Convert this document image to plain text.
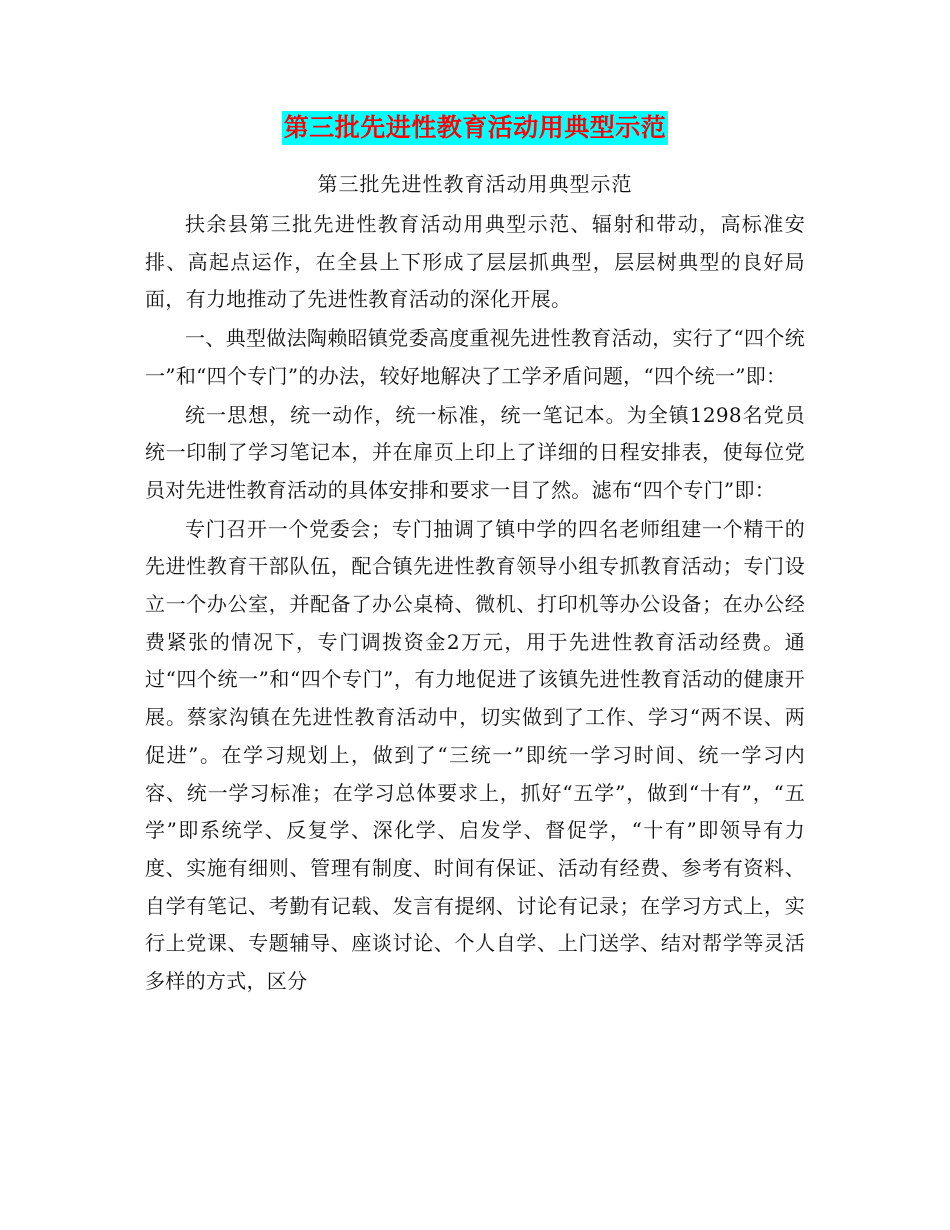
第三批先进性教育活动用典型示范
第三批先进性教育活动用典型示范

扶余县第三批先进性教育活动用典型示范、辐射和带动，高标准安排、高起点运作，在全县上下形成了层层抓典型，层层树典型的良好局面，有力地推动了先进性教育活动的深化开展。

一、典型做法陶赖昭镇党委高度重视先进性教育活动，实行了“四个统一”和“四个专门”的办法，较好地解决了工学矛盾问题，“四个统一”即：

统一思想，统一动作，统一标准，统一笔记本。为全镇1298名党员统一印制了学习笔记本，并在扉页上印上了详细的日程安排表，使每位党员对先进性教育活动的具体安排和要求一目了然。滤布“四个专门”即：

专门召开一个党委会；专门抽调了镇中学的四名老师组建一个精干的先进性教育干部队伍，配合镇先进性教育领导小组专抓教育活动；专门设立一个办公室，并配备了办公桌椅、微机、打印机等办公设备；在办公经费紧张的情况下，专门调拨资金2万元，用于先进性教育活动经费。通过“四个统一”和“四个专门”，有力地促进了该镇先进性教育活动的健康开展。蔡家沟镇在先进性教育活动中，切实做到了工作、学习“两不误、两促进”。在学习规划上，做到了“三统一”即统一学习时间、统一学习内容、统一学习标准；在学习总体要求上，抓好“五学”，做到“十有”，“五学”即系统学、反复学、深化学、启发学、督促学，“十有”即领导有力度、实施有细则、管理有制度、时间有保证、活动有经费、参考有资料、自学有笔记、考勤有记载、发言有提纲、讨论有记录；在学习方式上，实行上党课、专题辅导、座谈讨论、个人自学、上门送学、结对帮学等灵活多样的方式，区分
